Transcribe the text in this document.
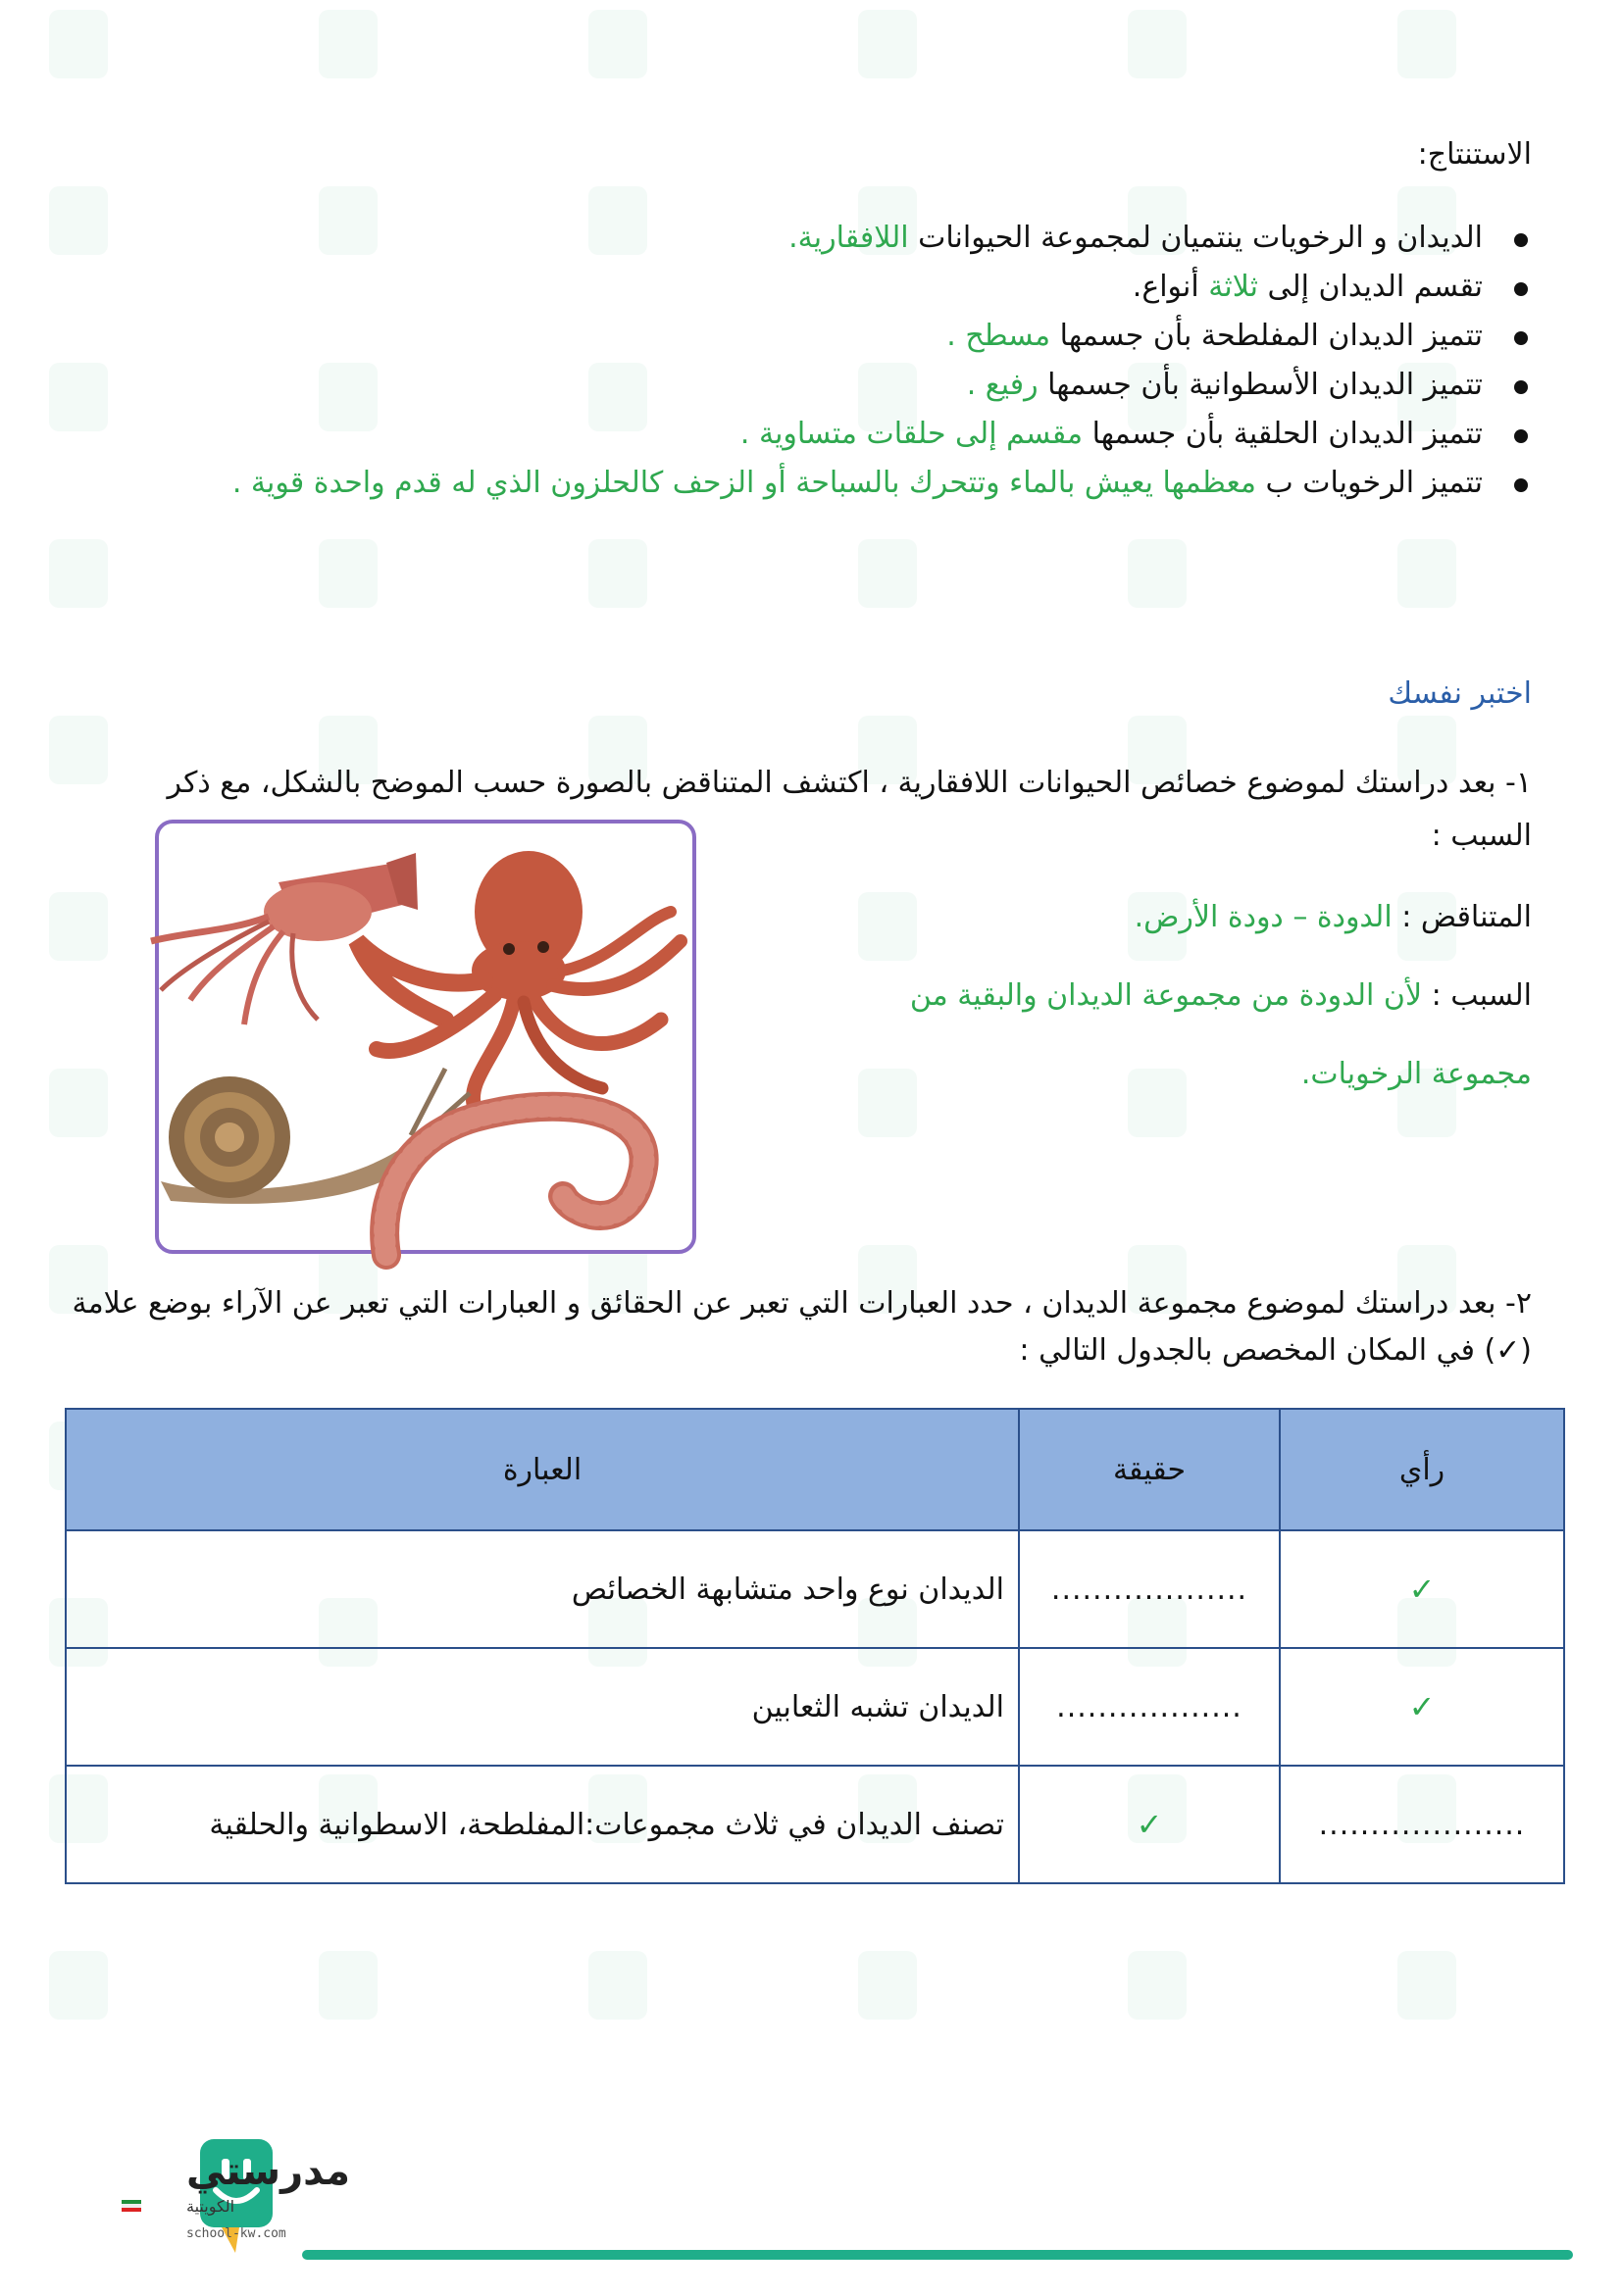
الاستنتاج:
الديدان و الرخويات ينتميان لمجموعة الحيوانات اللافقارية.
تقسم الديدان إلى ثلاثة أنواع.
تتميز الديدان المفلطحة بأن جسمها مسطح .
تتميز الديدان الأسطوانية بأن جسمها رفيع .
تتميز الديدان الحلقية بأن جسمها مقسم إلى حلقات متساوية .
تتميز الرخويات ب معظمها يعيش بالماء وتتحرك بالسباحة أو الزحف كالحلزون الذي له قدم واحدة قوية .
اختبر نفسك
١- بعد دراستك لموضوع خصائص الحيوانات اللافقارية ، اكتشف المتناقض بالصورة حسب الموضح بالشكل، مع ذكر السبب :
المتناقض : الدودة – دودة الأرض.
السبب : لأن الدودة من مجموعة الديدان والبقية من
مجموعة الرخويات.
٢- بعد دراستك لموضوع مجموعة الديدان ، حدد العبارات التي تعبر عن الحقائق و العبارات التي تعبر عن الآراء بوضع علامة (✓) في المكان المخصص بالجدول التالي :
رأي	حقيقة	العبارة
✓	...................	الديدان نوع واحد متشابهة الخصائص
✓	..................	الديدان تشبه الثعابين
....................	✓	تصنف الديدان في ثلاث مجموعات:المفلطحة، الاسطوانية والحلقية
مدرستي
الكويتية
school-kw.com
